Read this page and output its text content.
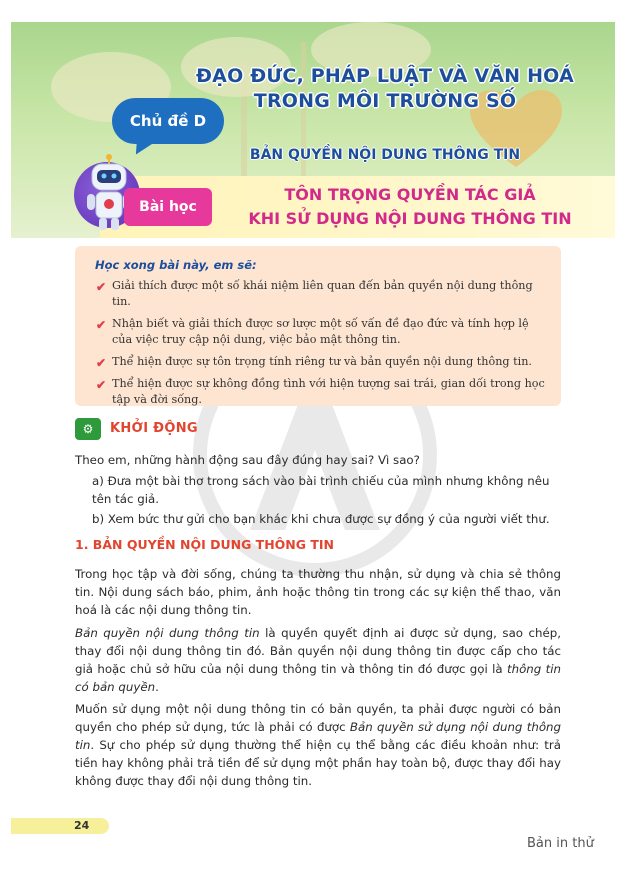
ĐẠO ĐỨC, PHÁP LUẬT VÀ VĂN HOÁ
TRONG MÔI TRƯỜNG SỐ
BẢN QUYỀN NỘI DUNG THÔNG TIN
Chủ đề D
Bài học
TÔN TRỌNG QUYỀN TÁC GIẢ
KHI SỬ DỤNG NỘI DUNG THÔNG TIN
Học xong bài này, em sẽ:
✔ Giải thích được một số khái niệm liên quan đến bản quyền nội dung thông tin.
✔ Nhận biết và giải thích được sơ lược một số vấn đề đạo đức và tính hợp lệ của việc truy cập nội dung, việc bảo mật thông tin.
✔ Thể hiện được sự tôn trọng tính riêng tư và bản quyền nội dung thông tin.
✔ Thể hiện được sự không đồng tình với hiện tượng sai trái, gian dối trong học tập và đời sống.
⚙	KHỞI ĐỘNG

Theo em, những hành động sau đây đúng hay sai? Vì sao?

a) Đưa một bài thơ trong sách vào bài trình chiếu của mình nhưng không nêu tên tác giả.

b) Xem bức thư gửi cho bạn khác khi chưa được sự đồng ý của người viết thư.

1. BẢN QUYỀN NỘI DUNG THÔNG TIN

Trong học tập và đời sống, chúng ta thường thu nhận, sử dụng và chia sẻ thông tin. Nội dung sách báo, phim, ảnh hoặc thông tin trong các sự kiện thể thao, văn hoá là các nội dung thông tin.

Bản quyền nội dung thông tin là quyền quyết định ai được sử dụng, sao chép, thay đổi nội dung thông tin đó. Bản quyền nội dung thông tin được cấp cho tác giả hoặc chủ sở hữu của nội dung thông tin và thông tin đó được gọi là thông tin có bản quyền.

Muốn sử dụng một nội dung thông tin có bản quyền, ta phải được người có bản quyền cho phép sử dụng, tức là phải có được Bản quyền sử dụng nội dung thông tin. Sự cho phép sử dụng thường thể hiện cụ thể bằng các điều khoản như: trả tiền hay không phải trả tiền để sử dụng một phần hay toàn bộ, được thay đổi hay không được thay đổi nội dung thông tin.

24
Bản in thử
